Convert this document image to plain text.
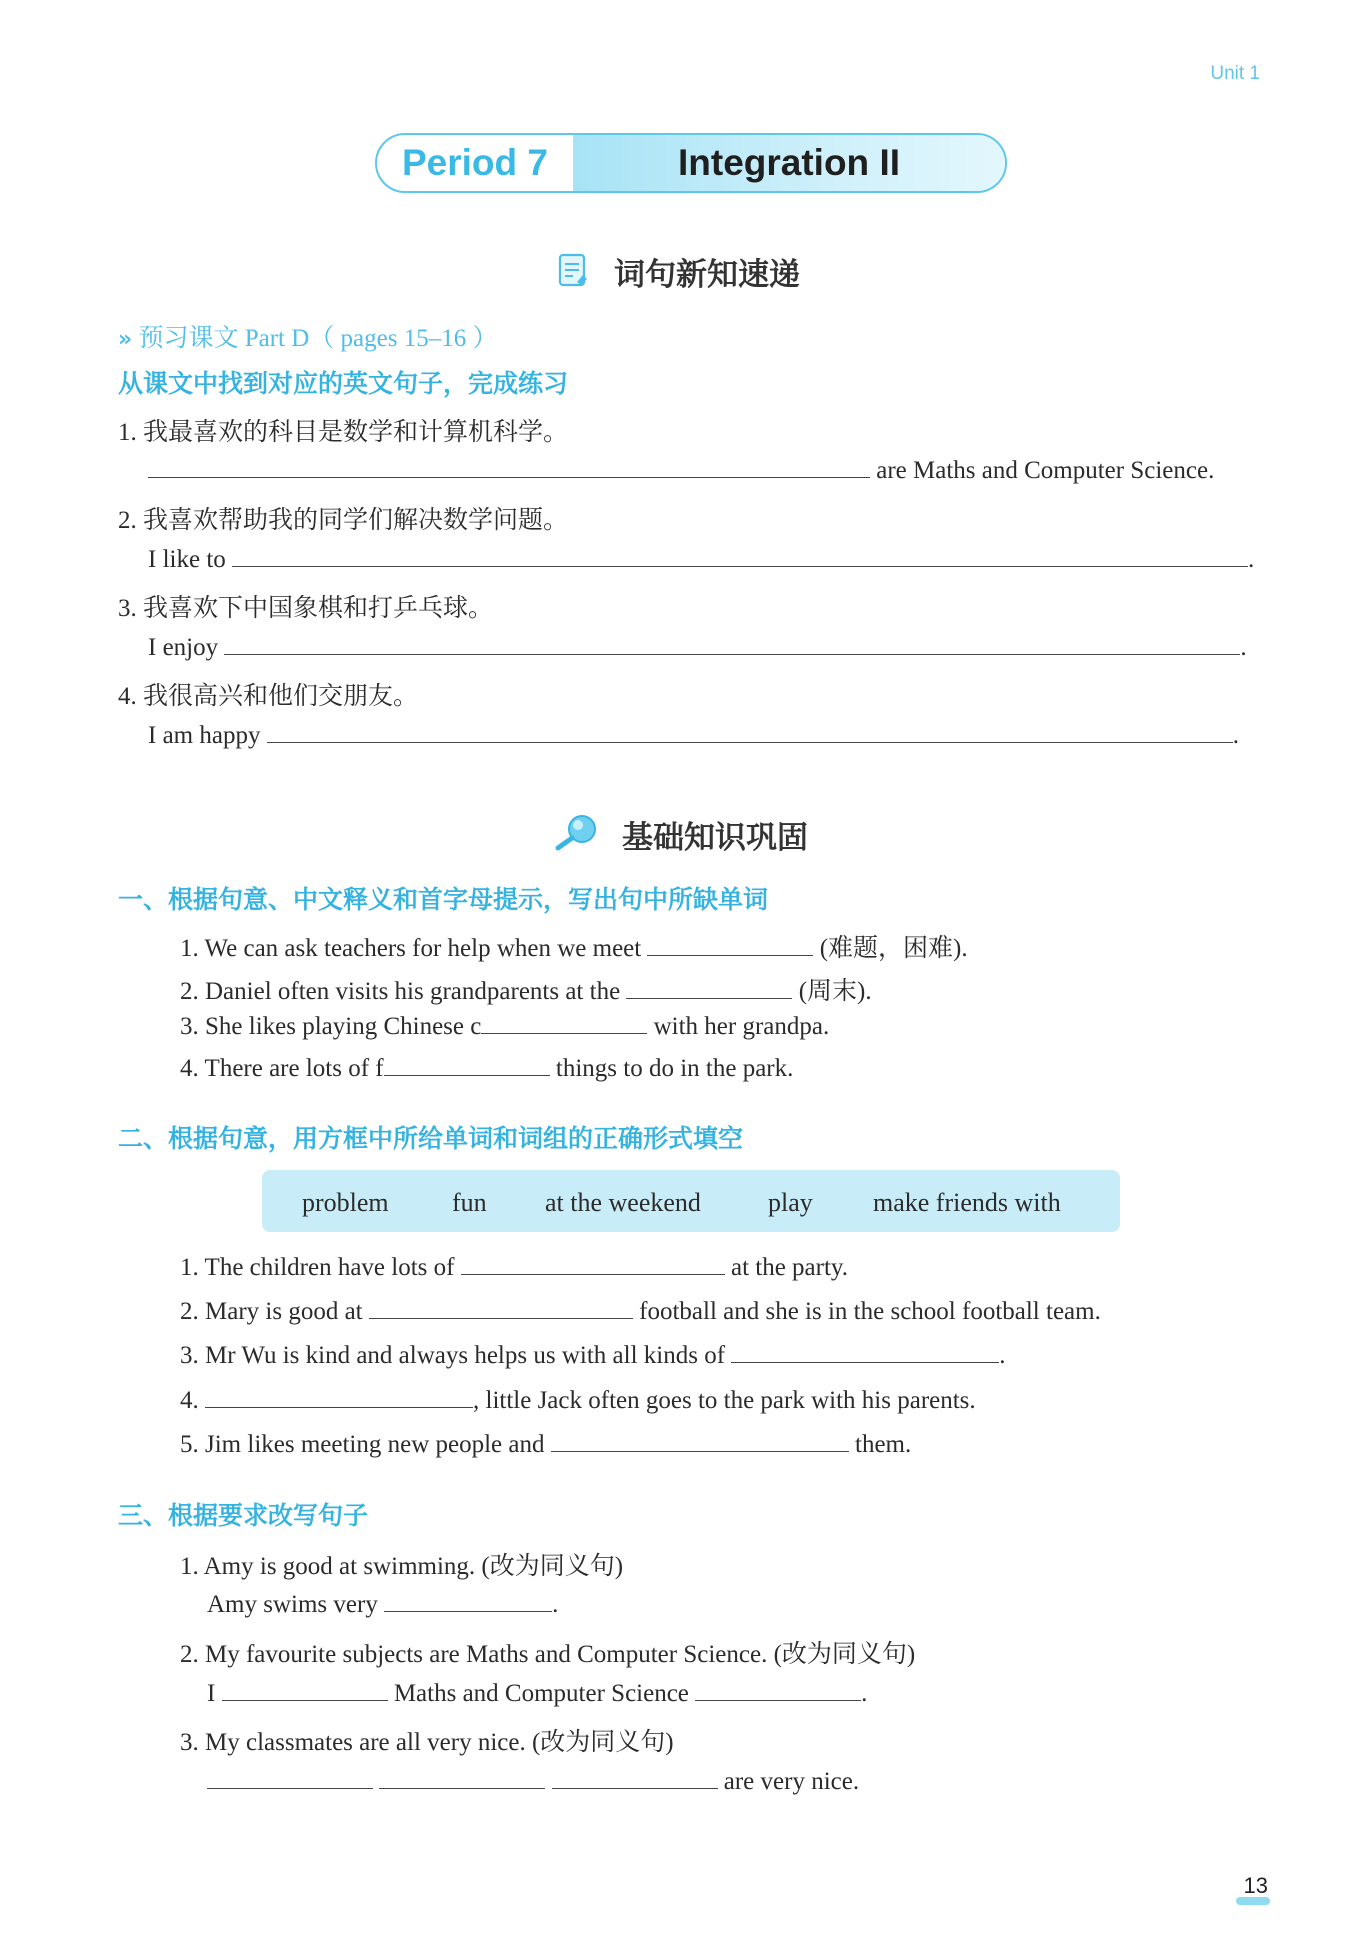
Unit 1
Period 7	Integration II
词句新知速递
» 预习课文 Part D（ pages 15–16 ）
从课文中找到对应的英文句子，完成练习
1. 我最喜欢的科目是数学和计算机科学。
are Maths and Computer Science.
2. 我喜欢帮助我的同学们解决数学问题。
I like to	.
3. 我喜欢下中国象棋和打乒乓球。
I enjoy	.
4. 我很高兴和他们交朋友。
I am happy	.
基础知识巩固
一、根据句意、中文释义和首字母提示，写出句中所缺单词
1. We can ask teachers for help when we meet	(难题，困难).
2. Daniel often visits his grandparents at the	(周末).
3. She likes playing Chinese c	with her grandpa.
4. There are lots of f	things to do in the park.
二、根据句意，用方框中所给单词和词组的正确形式填空
problem fun at the weekend	play make friends with
1. The children have lots of	at the party.
2. Mary is good at	football and she is in the school football team.
3. Mr Wu is kind and always helps us with all kinds of	.
4.	, little Jack often goes to the park with his parents.
5. Jim likes meeting new people and	them.
三、根据要求改写句子
1. Amy is good at swimming. (改为同义句)
Amy swims very	.
2. My favourite subjects are Maths and Computer Science. (改为同义句)
I	Maths and Computer Science	.
3. My classmates are all very nice. (改为同义句)
are very nice.
13
